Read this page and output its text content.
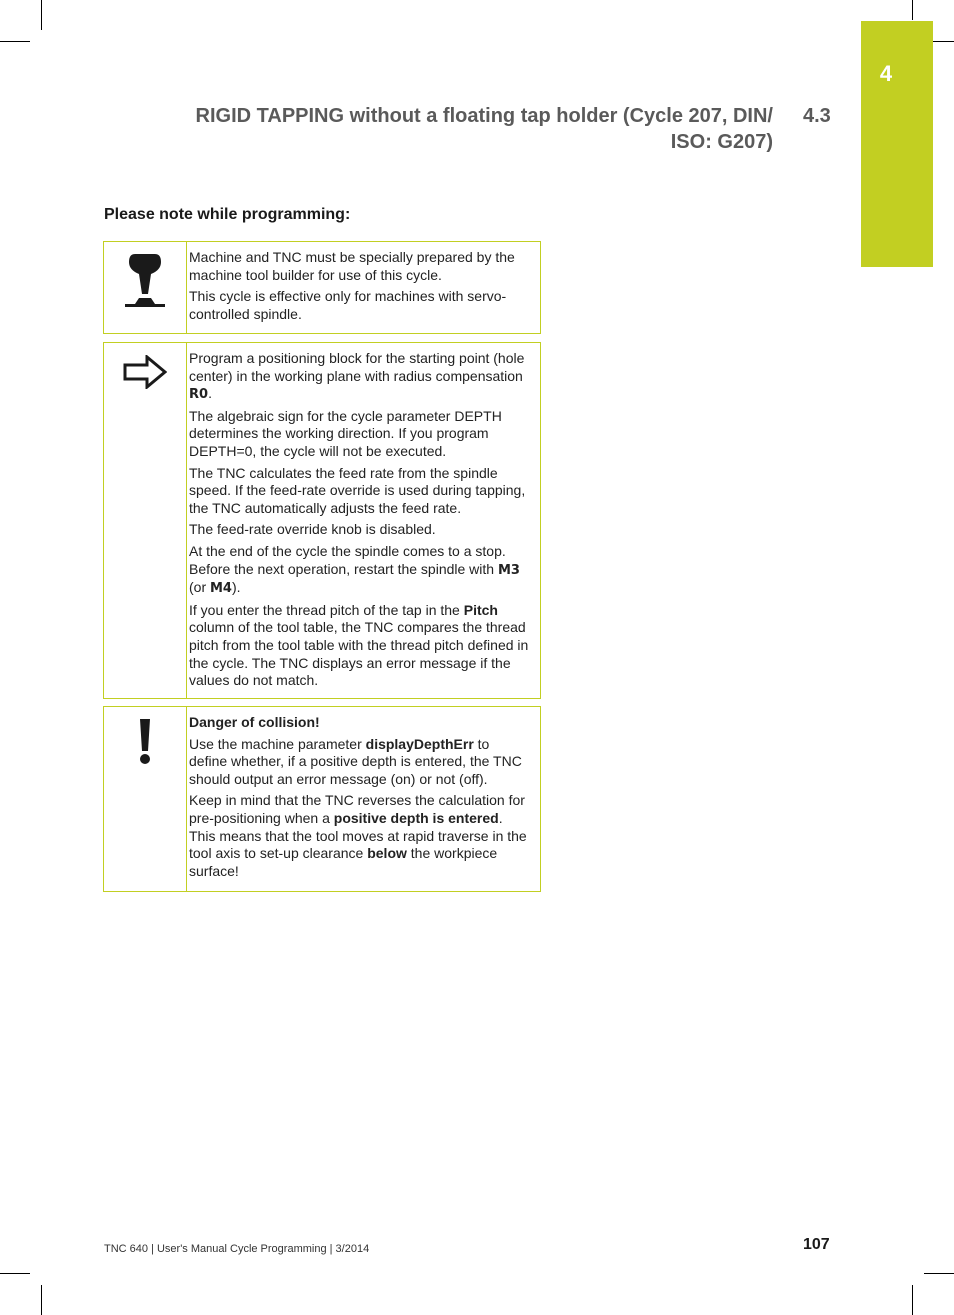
4
RIGID TAPPING without a floating tap holder (Cycle 207, DIN/
ISO: G207)
4.3
Please note while programming:

Machine and TNC must be specially prepared by the machine tool builder for use of this cycle.

This cycle is effective only for machines with servo-controlled spindle.

Program a positioning block for the starting point (hole center) in the working plane with radius compensation R0.

The algebraic sign for the cycle parameter DEPTH determines the working direction. If you program DEPTH=0, the cycle will not be executed.

The TNC calculates the feed rate from the spindle speed. If the feed-rate override is used during tapping, the TNC automatically adjusts the feed rate.

The feed-rate override knob is disabled.

At the end of the cycle the spindle comes to a stop. Before the next operation, restart the spindle with M3 (or M4).

If you enter the thread pitch of the tap in the Pitch column of the tool table, the TNC compares the thread pitch from the tool table with the thread pitch defined in the cycle. The TNC displays an error message if the values do not match.

Danger of collision!

Use the machine parameter displayDepthErr to define whether, if a positive depth is entered, the TNC should output an error message (on) or not (off).

Keep in mind that the TNC reverses the calculation for pre-positioning when a positive depth is entered. This means that the tool moves at rapid traverse in the tool axis to set-up clearance below the workpiece surface!

TNC 640 | User's Manual Cycle Programming | 3/2014	107
